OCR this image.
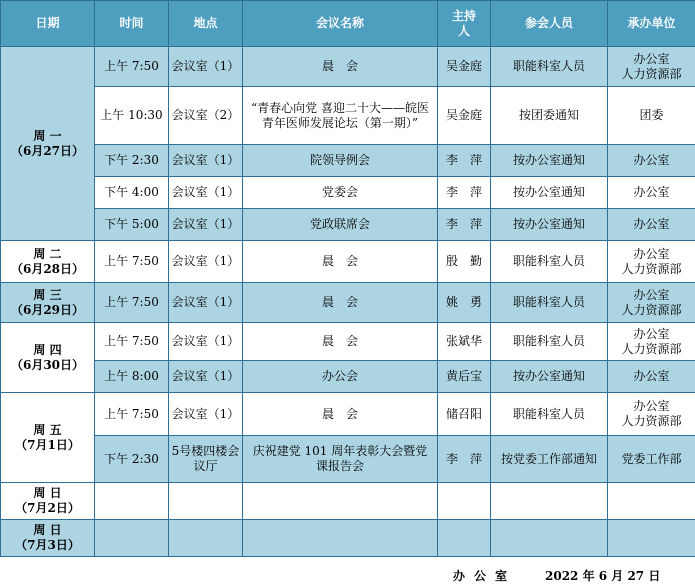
日期	时间	地点	会议名称	主持人	参会人员	承办单位

周 一
（6月27日）	上午 7:50	会议室（1）	晨　会	吴金庭	职能科室人员	办公室
人力资源部
	上午 10:30	会议室（2）	“青春心向党 喜迎二十大——皖医青年医师发展论坛（第一期）”	吴金庭	按团委通知	团委
	下午 2:30	会议室（1）	院领导例会	李　萍	按办公室通知	办公室
	下午 4:00	会议室（1）	党委会	李　萍	按办公室通知	办公室
	下午 5:00	会议室（1）	党政联席会	李　萍	按办公室通知	办公室

周 二
（6月28日）	上午 7:50	会议室（1）	晨　会	殷　勤	职能科室人员	办公室
人力资源部

周 三
（6月29日）	上午 7:50	会议室（1）	晨　会	姚　勇	职能科室人员	办公室
人力资源部

周 四
（6月30日）	上午 7:50	会议室（1）	晨　会	张斌华	职能科室人员	办公室
人力资源部
	上午 8:00	会议室（1）	办公会	黄后宝	按办公室通知	办公室

周 五
（7月1日）	上午 7:50	会议室（1）	晨　会	储召阳	职能科室人员	办公室
人力资源部
	下午 2:30	5号楼四楼会议厅	庆祝建党 101 周年表彰大会暨党课报告会	李　萍	按党委工作部通知	党委工作部

周 日
（7月2日）						

周 日
（7月3日）						

办公室 2022 年 6 月 27 日
